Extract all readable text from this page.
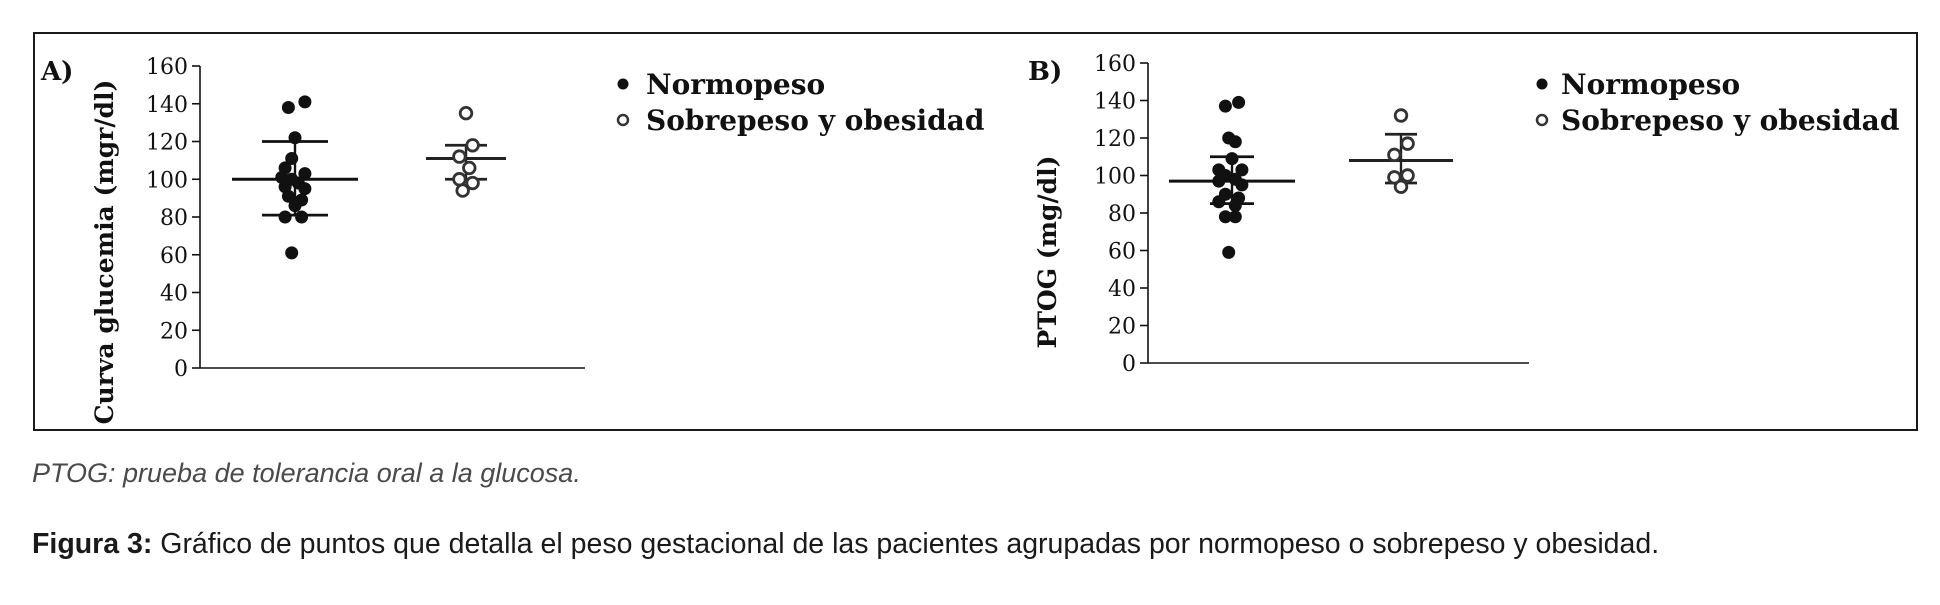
A)
Curva glucemia (mgr/dl)	0
20
40
60
80
100
120
140
160
Normopeso
Sobrepeso y obesidad
B)
PTOG (mg/dl)
0
20
40
60
80
100
120
140
160
Normopeso
Sobrepeso y obesidad

PTOG: prueba de tolerancia oral a la glucosa.

Figura 3: Gráfico de puntos que detalla el peso gestacional de las pacientes agrupadas por normopeso o sobrepeso y obesidad.
